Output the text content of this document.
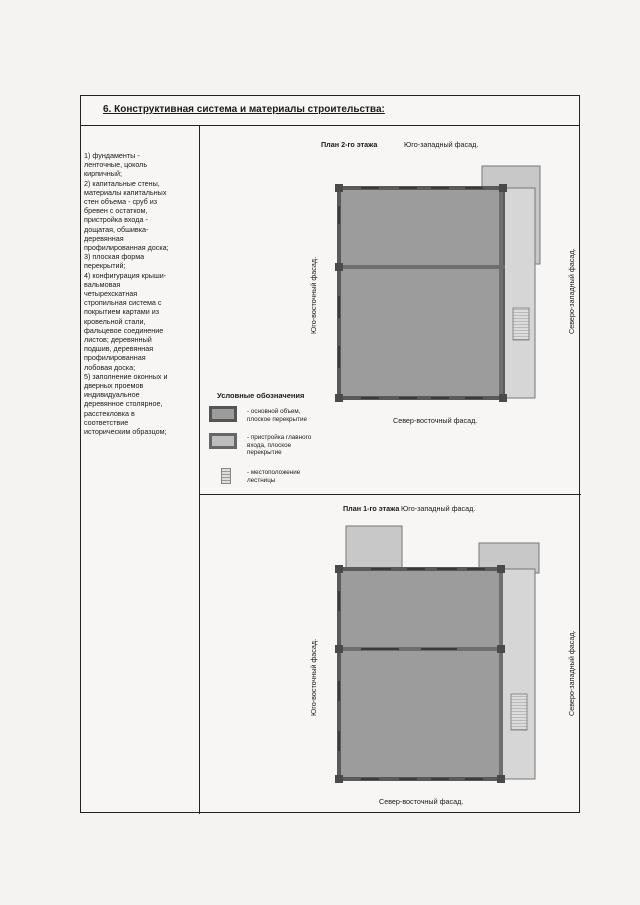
6. Конструктивная система и материалы строительства:
1) фундаменты -
ленточные, цоколь
кирпичный;
2) капитальные стены,
материалы капитальных
стен объема - сруб из
бревен с остатком,
пристройка входа -
дощатая, обшивка-
деревянная
профилированная доска;
3) плоская форма
перекрытий;
4) конфигурация крыши-
вальмовая
четырехскатная
стропильная система с
покрытием картами из
кровельной стали,
фальцевое соединение
листов; деревянный
подшив, деревянная
профилированная
лобовая доска;
5) заполнение оконных и
дверных проемов
индивидуальное
деревянное столярное,
расстекловка в
соответствие
историческим образцом;
План 2-го этажа	Юго-западный фасад.
Юго-восточный фасад.	Северо-западный фасад.
Север-восточный фасад.
Условные обозначения
- основной объем,
плоское перекрытие
- пристройка главного
входа, плоское
перекрытие
- местоположение
лестницы
План 1-го этажа Юго-западный фасад.
Юго-восточный фасад.	Северо-западный фасад.
Север-восточный фасад.
